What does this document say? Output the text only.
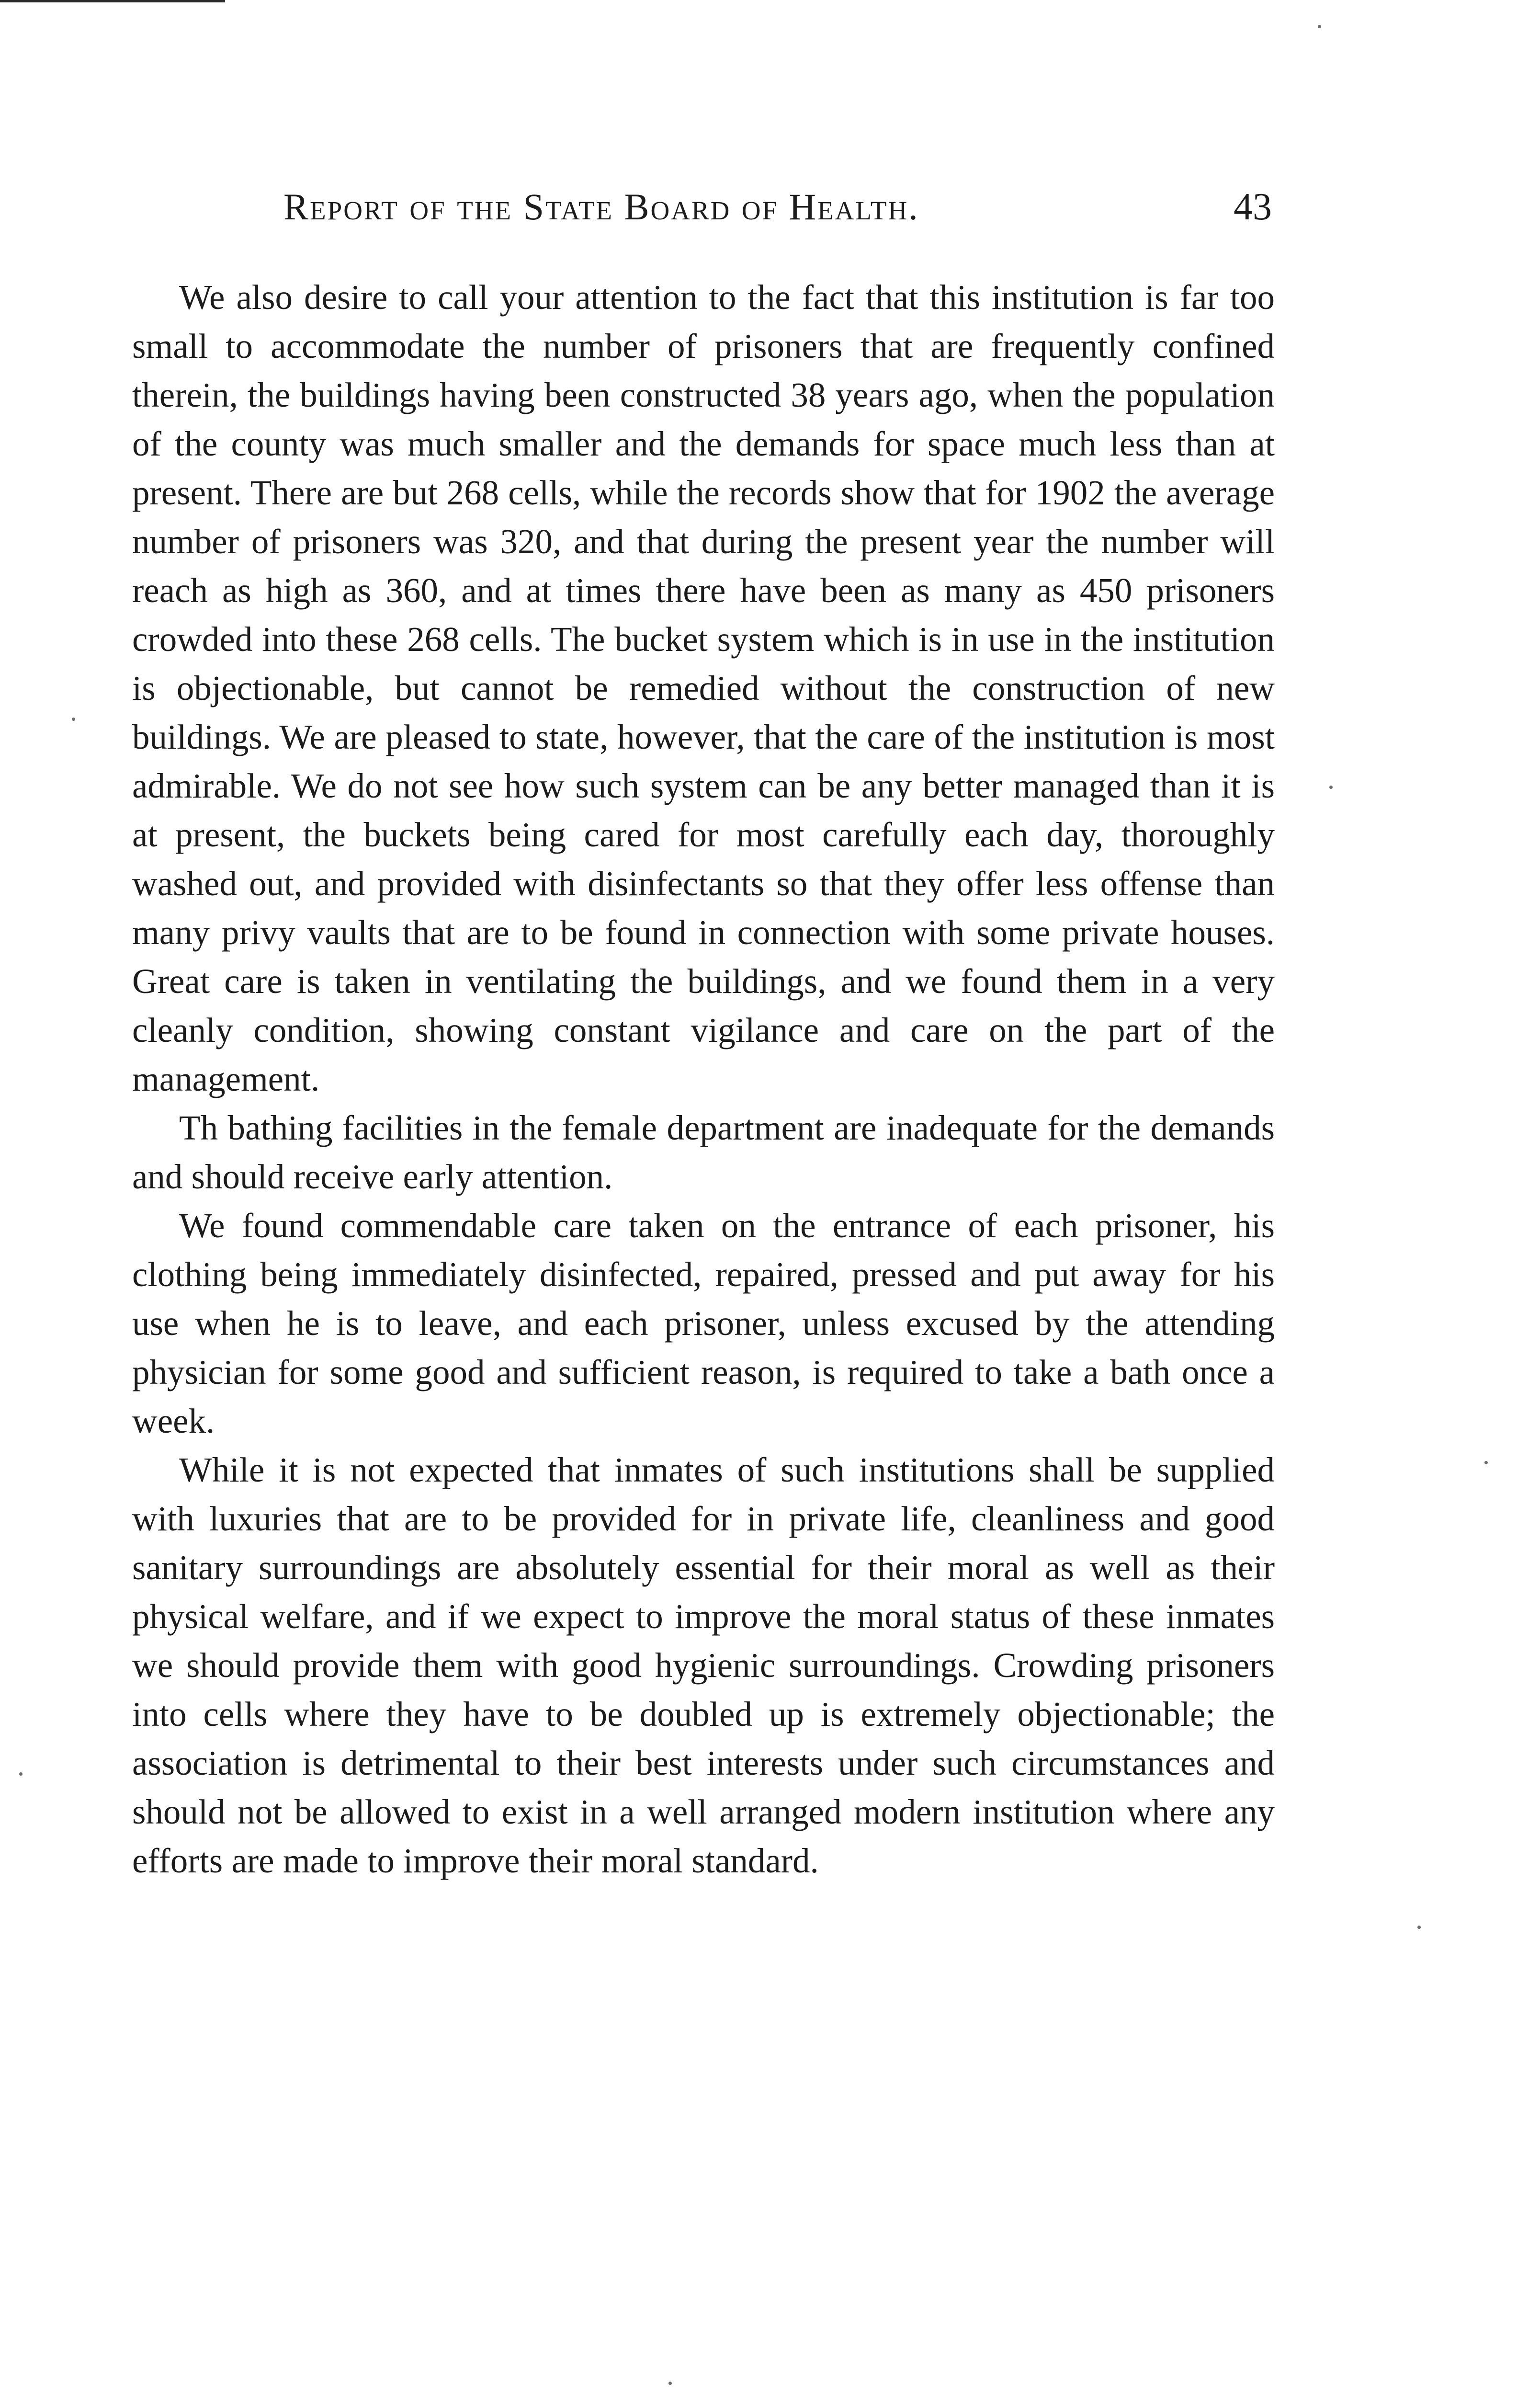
Report of the State Board of Health.	43

We also desire to call your attention to the fact that this institution is far too small to accommodate the number of prisoners that are frequently confined therein, the buildings having been constructed 38 years ago, when the population of the county was much smaller and the demands for space much less than at present. There are but 268 cells, while the records show that for 1902 the average number of prisoners was 320, and that during the present year the number will reach as high as 360, and at times there have been as many as 450 prisoners crowded into these 268 cells. The bucket system which is in use in the institution is objectionable, but cannot be remedied without the construction of new buildings. We are pleased to state, however, that the care of the institution is most admirable. We do not see how such system can be any better managed than it is at present, the buckets being cared for most carefully each day, thoroughly washed out, and provided with disinfectants so that they offer less offense than many privy vaults that are to be found in connection with some private houses. Great care is taken in ventilating the buildings, and we found them in a very cleanly condition, showing constant vigilance and care on the part of the management.

Th bathing facilities in the female department are inadequate for the demands and should receive early attention.

We found commendable care taken on the entrance of each prisoner, his clothing being immediately disinfected, repaired, pressed and put away for his use when he is to leave, and each prisoner, unless excused by the attending physician for some good and sufficient reason, is required to take a bath once a week.

While it is not expected that inmates of such institutions shall be supplied with luxuries that are to be provided for in private life, cleanliness and good sanitary surroundings are absolutely essential for their moral as well as their physical welfare, and if we expect to improve the moral status of these inmates we should provide them with good hygienic surroundings. Crowding prisoners into cells where they have to be doubled up is extremely objectionable; the association is detrimental to their best interests under such circumstances and should not be allowed to exist in a well arranged modern institution where any efforts are made to improve their moral standard.
